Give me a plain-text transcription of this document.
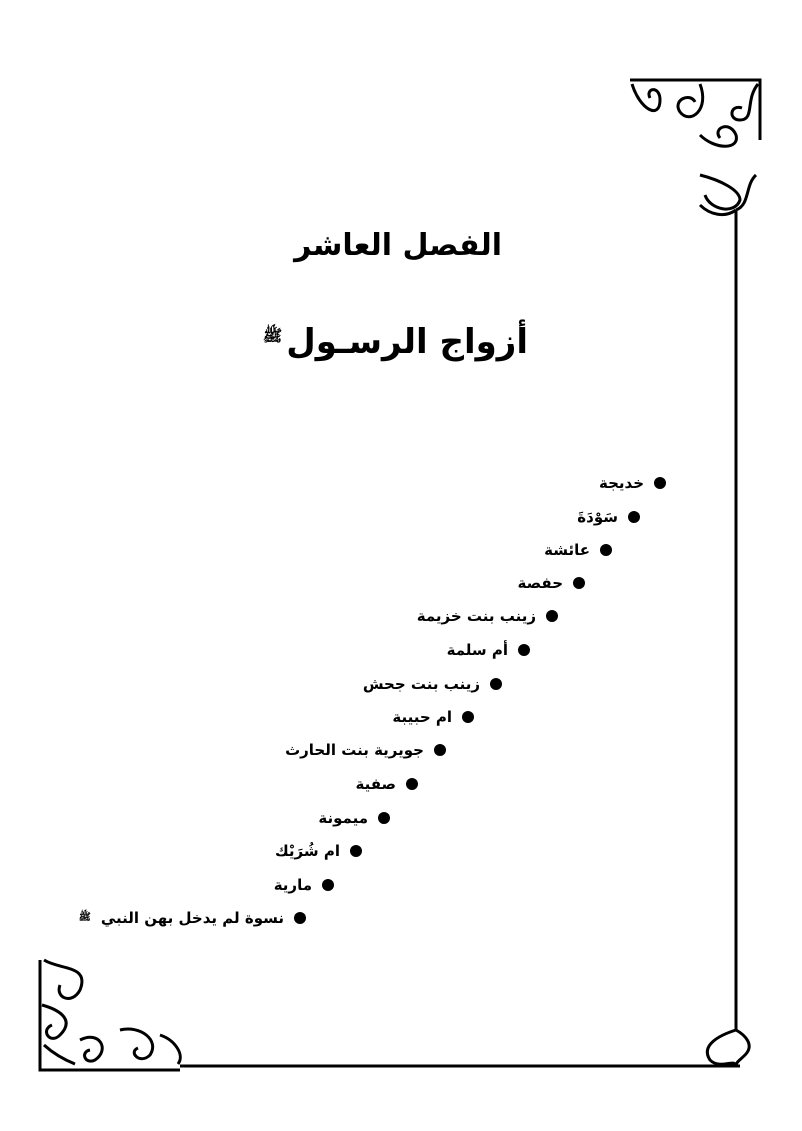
الفصل العاشر
أزواج الرسـول$^ﷺ$
خديجة
سَوْدَةَ
عائشة
حفصة
زينب بنت خزيمة
أم سلمة
زينب بنت جحش
ام حبيبة
جويرية بنت الحارث
صفية
ميمونة
ام شُرَيْك
مارية
نسوة لم يدخل بهن النبي
ﷺ
